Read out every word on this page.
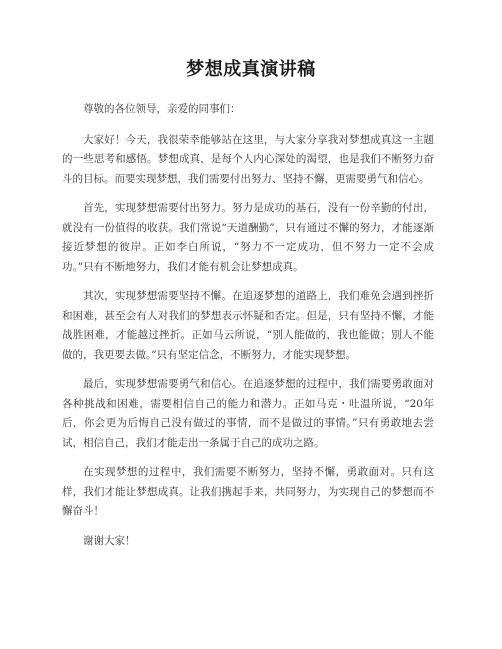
梦想成真演讲稿

尊敬的各位领导，亲爱的同事们：

大家好！今天，我很荣幸能够站在这里，与大家分享我对梦想成真这一主题的一些思考和感悟。梦想成真，是每个人内心深处的渴望，也是我们不断努力奋斗的目标。而要实现梦想，我们需要付出努力、坚持不懈，更需要勇气和信心。

首先，实现梦想需要付出努力。努力是成功的基石，没有一份辛勤的付出，就没有一份值得的收获。我们常说“天道酬勤”，只有通过不懈的努力，才能逐渐接近梦想的彼岸。正如李白所说，“努力不一定成功，但不努力一定不会成功。”只有不断地努力，我们才能有机会让梦想成真。

其次，实现梦想需要坚持不懈。在追逐梦想的道路上，我们难免会遇到挫折和困难，甚至会有人对我们的梦想表示怀疑和否定。但是，只有坚持不懈，才能战胜困难，才能越过挫折。正如马云所说，“别人能做的，我也能做；别人不能做的，我更要去做。”只有坚定信念，不断努力，才能实现梦想。

最后，实现梦想需要勇气和信心。在追逐梦想的过程中，我们需要勇敢面对各种挑战和困难，需要相信自己的能力和潜力。正如马克・吐温所说，“20年后，你会更为后悔自己没有做过的事情，而不是做过的事情。”只有勇敢地去尝试，相信自己，我们才能走出一条属于自己的成功之路。

在实现梦想的过程中，我们需要不断努力，坚持不懈，勇敢面对。只有这样，我们才能让梦想成真。让我们携起手来，共同努力，为实现自己的梦想而不懈奋斗！

谢谢大家！
